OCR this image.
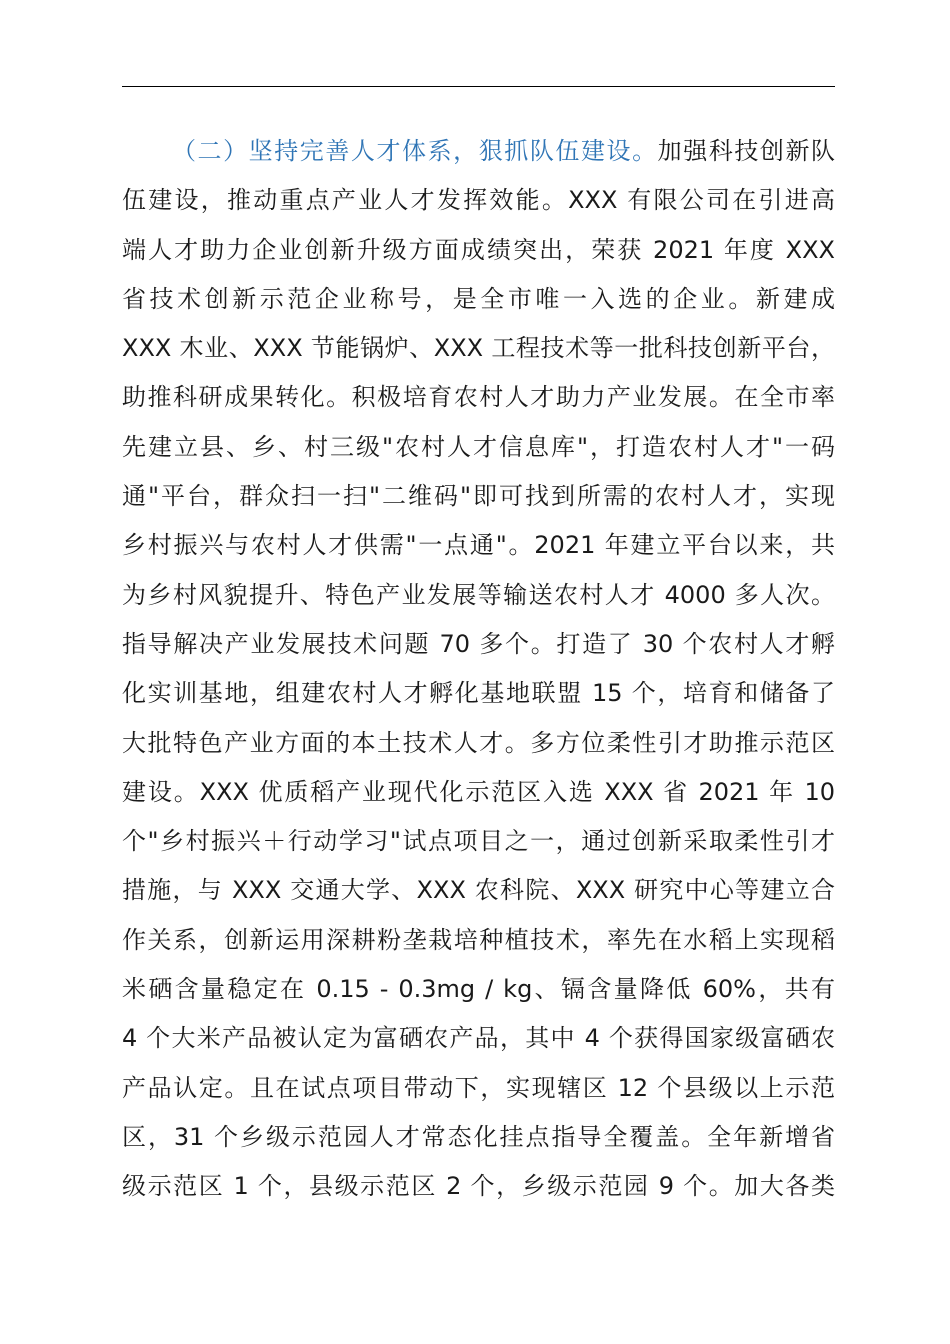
（二）坚持完善人才体系，狠抓队伍建设。加强科技创新队
伍建设，推动重点产业人才发挥效能。XXX 有限公司在引进高
端人才助力企业创新升级方面成绩突出，荣获 2021 年度 XXX
省技术创新示范企业称号，是全市唯一入选的企业。新建成
XXX 木业、XXX 节能锅炉、XXX 工程技术等一批科技创新平台，
助推科研成果转化。积极培育农村人才助力产业发展。在全市率
先建立县、乡、村三级"农村人才信息库"，打造农村人才"一码
通"平台，群众扫一扫"二维码"即可找到所需的农村人才，实现
乡村振兴与农村人才供需"一点通"。2021 年建立平台以来，共
为乡村风貌提升、特色产业发展等输送农村人才 4000 多人次。
指导解决产业发展技术问题 70 多个。打造了 30 个农村人才孵
化实训基地，组建农村人才孵化基地联盟 15 个，培育和储备了
大批特色产业方面的本土技术人才。多方位柔性引才助推示范区
建设。XXX 优质稻产业现代化示范区入选 XXX 省 2021 年 10
个"乡村振兴＋行动学习"试点项目之一，通过创新采取柔性引才
措施，与 XXX 交通大学、XXX 农科院、XXX 研究中心等建立合
作关系，创新运用深耕粉垄栽培种植技术，率先在水稻上实现稻
米硒含量稳定在 0.15 - 0.3mg / kg、镉含量降低 60%，共有
4 个大米产品被认定为富硒农产品，其中 4 个获得国家级富硒农
产品认定。且在试点项目带动下，实现辖区 12 个县级以上示范
区，31 个乡级示范园人才常态化挂点指导全覆盖。全年新增省
级示范区 1 个，县级示范区 2 个，乡级示范园 9 个。加大各类
